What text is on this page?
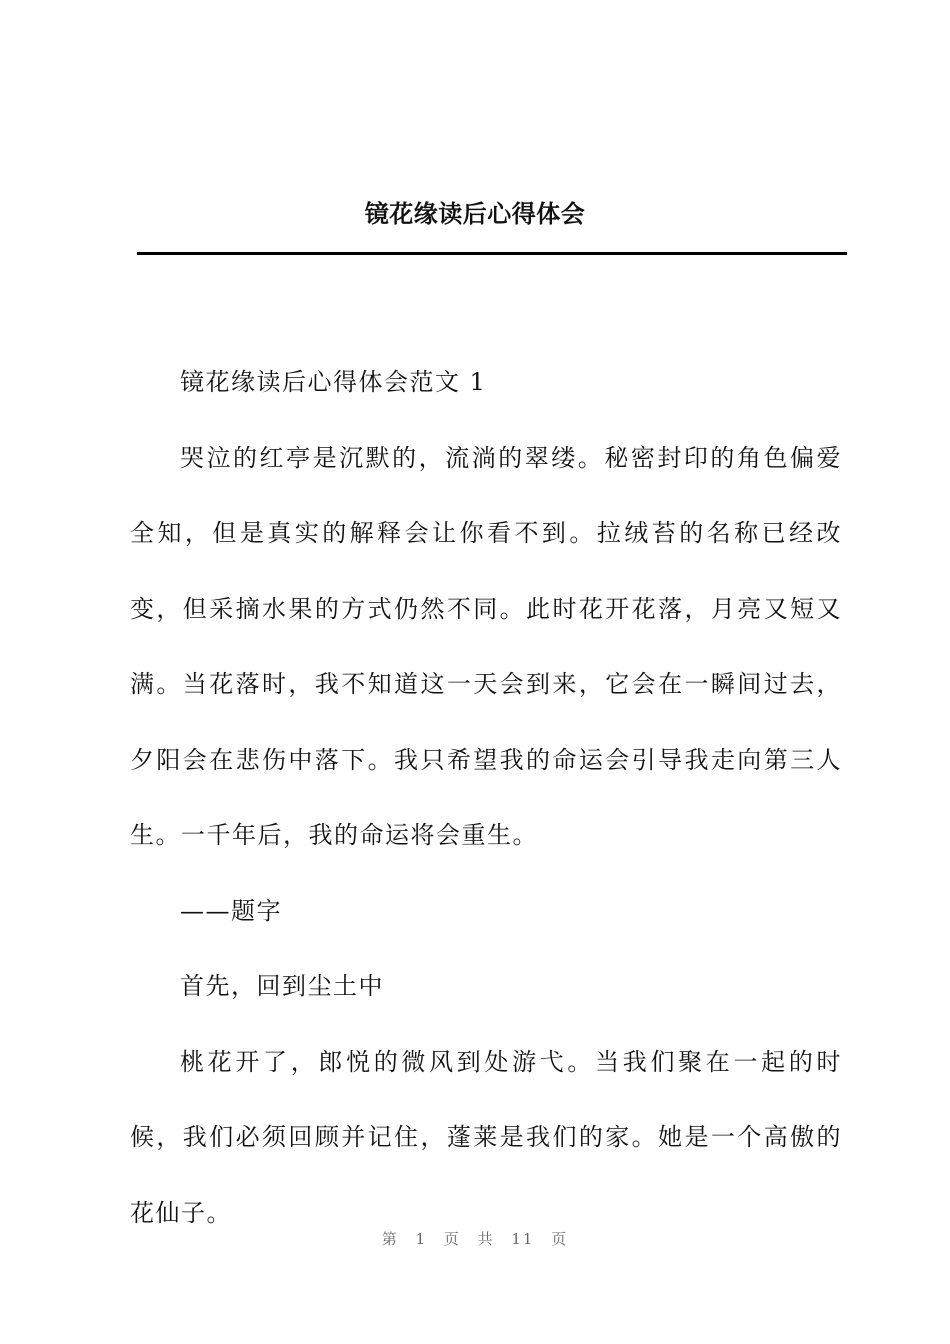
镜花缘读后心得体会

镜花缘读后心得体会范文 1

哭泣的红亭是沉默的，流淌的翠缕。秘密封印的角色偏爱全知，但是真实的解释会让你看不到。拉绒苔的名称已经改变，但采摘水果的方式仍然不同。此时花开花落，月亮又短又满。当花落时，我不知道这一天会到来，它会在一瞬间过去，夕阳会在悲伤中落下。我只希望我的命运会引导我走向第三人生。一千年后，我的命运将会重生。

——题字

首先，回到尘土中

桃花开了，郎悦的微风到处游弋。当我们聚在一起的时候，我们必须回顾并记住，蓬莱是我们的家。她是一个高傲的花仙子。

第 1 页 共 11 页
